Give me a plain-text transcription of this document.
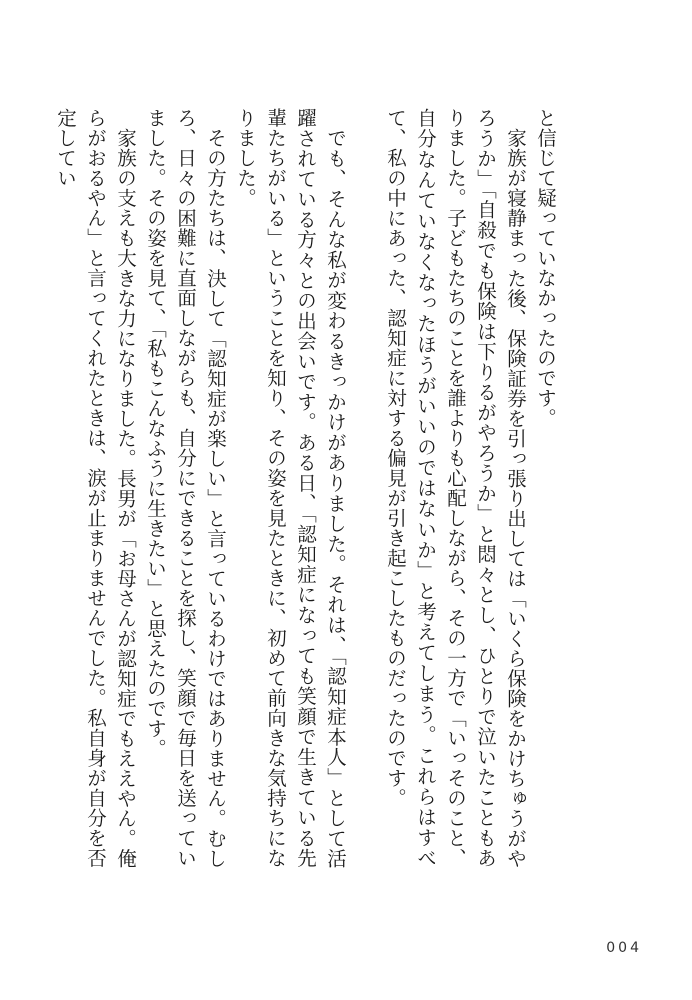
と信じて疑っていなかったのです。

家族が寝静まった後、保険証券を引っ張り出しては「いくら保険をかけちゅうがやろうか」「自殺でも保険は下りるがやろうか」と悶々とし、ひとりで泣いたこともありました。子どもたちのことを誰よりも心配しながら、その一方で「いっそのこと、自分なんていなくなったほうがいいのではないか」と考えてしまう。これらはすべて、私の中にあった、認知症に対する偏見が引き起こしたものだったのです。

でも、そんな私が変わるきっかけがありました。それは、「認知症本人」として活躍されている方々との出会いです。ある日、「認知症になっても笑顔で生きている先輩たちがいる」ということを知り、その姿を見たときに、初めて前向きな気持ちになりました。

その方たちは、決して「認知症が楽しい」と言っているわけではありません。むしろ、日々の困難に直面しながらも、自分にできることを探し、笑顔で毎日を送っていました。その姿を見て、「私もこんなふうに生きたい」と思えたのです。

家族の支えも大きな力になりました。長男が「お母さんが認知症でもええやん。俺らがおるやん」と言ってくれたときは、涙が止まりませんでした。私自身が自分を否定してい

004
